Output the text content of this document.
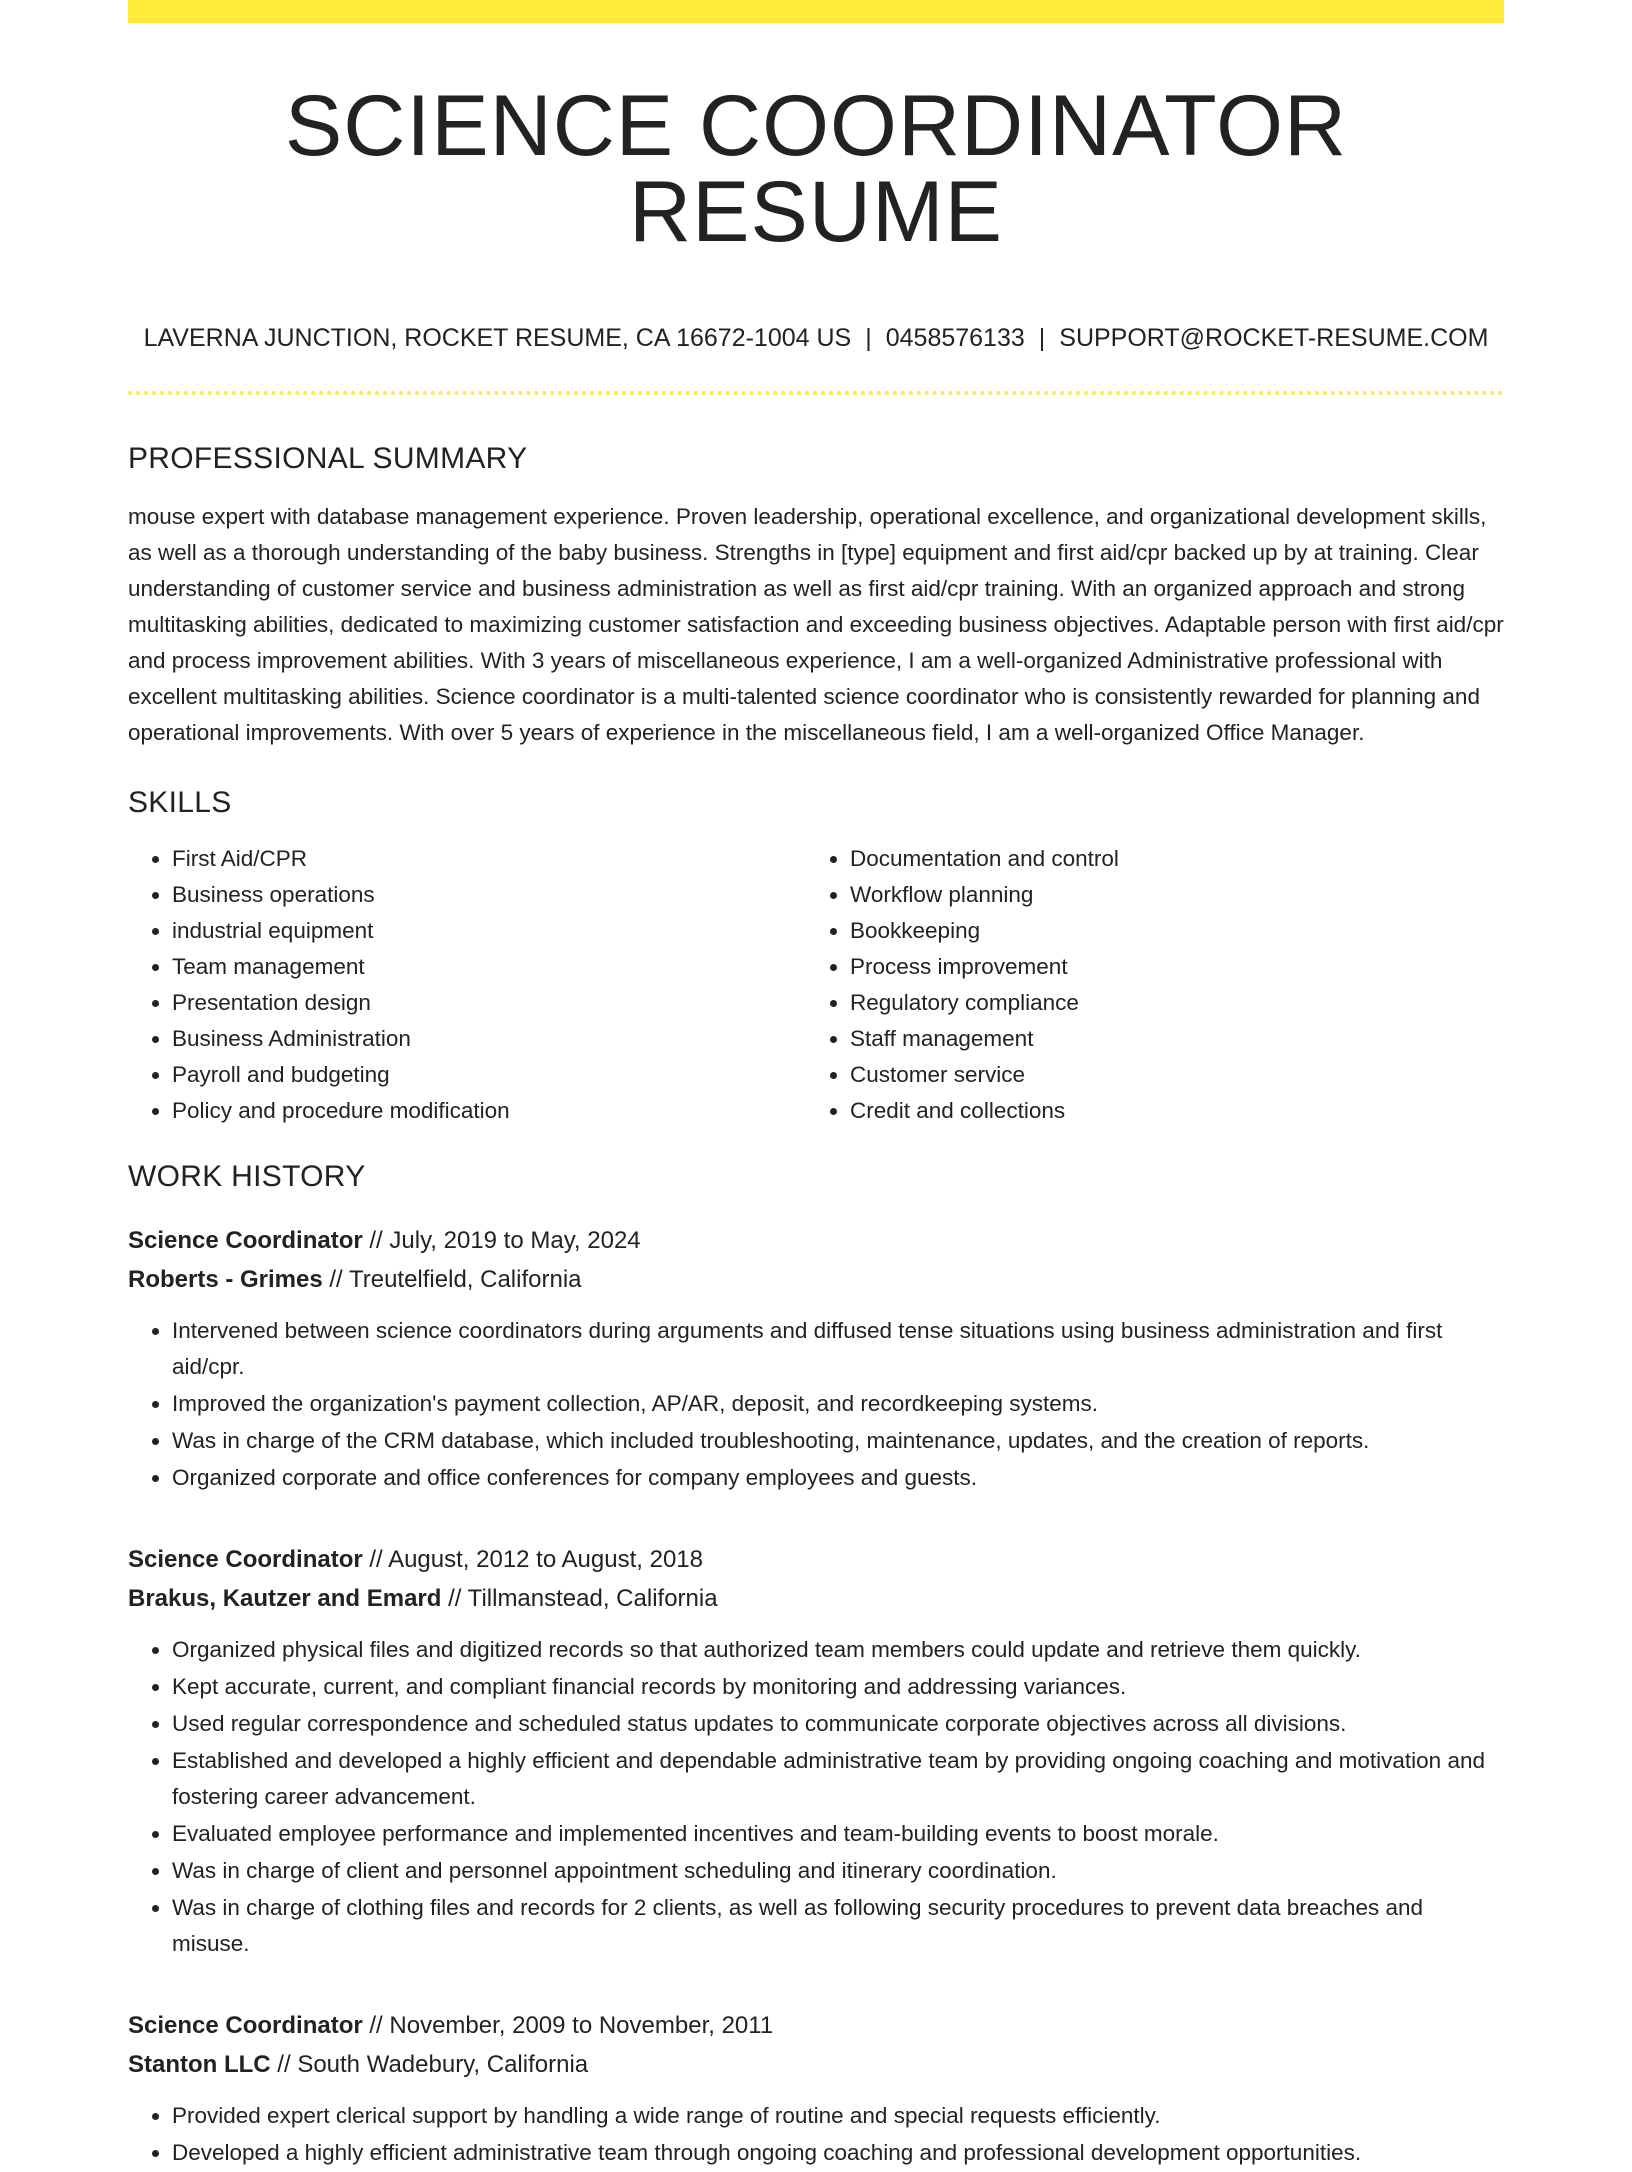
SCIENCE COORDINATOR RESUME
LAVERNA JUNCTION, ROCKET RESUME, CA 16672-1004 US | 0458576133 | SUPPORT@ROCKET-RESUME.COM
PROFESSIONAL SUMMARY

mouse expert with database management experience. Proven leadership, operational excellence, and organizational development skills, as well as a thorough understanding of the baby business. Strengths in [type] equipment and first aid/cpr backed up by at training. Clear understanding of customer service and business administration as well as first aid/cpr training. With an organized approach and strong multitasking abilities, dedicated to maximizing customer satisfaction and exceeding business objectives. Adaptable person with first aid/cpr and process improvement abilities. With 3 years of miscellaneous experience, I am a well-organized Administrative professional with excellent multitasking abilities. Science coordinator is a multi-talented science coordinator who is consistently rewarded for planning and operational improvements. With over 5 years of experience in the miscellaneous field, I am a well-organized Office Manager.

SKILLS
• First Aid/CPR
• Business operations
• industrial equipment
• Team management
• Presentation design
• Business Administration
• Payroll and budgeting
• Policy and procedure modification
• Documentation and control
• Workflow planning
• Bookkeeping
• Process improvement
• Regulatory compliance
• Staff management
• Customer service
• Credit and collections
WORK HISTORY
Science Coordinator // July, 2019 to May, 2024
Roberts - Grimes // Treutelfield, California
• Intervened between science coordinators during arguments and diffused tense situations using business administration and first aid/cpr.
• Improved the organization's payment collection, AP/AR, deposit, and recordkeeping systems.
• Was in charge of the CRM database, which included troubleshooting, maintenance, updates, and the creation of reports.
• Organized corporate and office conferences for company employees and guests.
Science Coordinator // August, 2012 to August, 2018
Brakus, Kautzer and Emard // Tillmanstead, California
• Organized physical files and digitized records so that authorized team members could update and retrieve them quickly.
• Kept accurate, current, and compliant financial records by monitoring and addressing variances.
• Used regular correspondence and scheduled status updates to communicate corporate objectives across all divisions.
• Established and developed a highly efficient and dependable administrative team by providing ongoing coaching and motivation and fostering career advancement.
• Evaluated employee performance and implemented incentives and team-building events to boost morale.
• Was in charge of client and personnel appointment scheduling and itinerary coordination.
• Was in charge of clothing files and records for 2 clients, as well as following security procedures to prevent data breaches and misuse.
Science Coordinator // November, 2009 to November, 2011
Stanton LLC // South Wadebury, California
• Provided expert clerical support by handling a wide range of routine and special requests efficiently.
• Developed a highly efficient administrative team through ongoing coaching and professional development opportunities.
